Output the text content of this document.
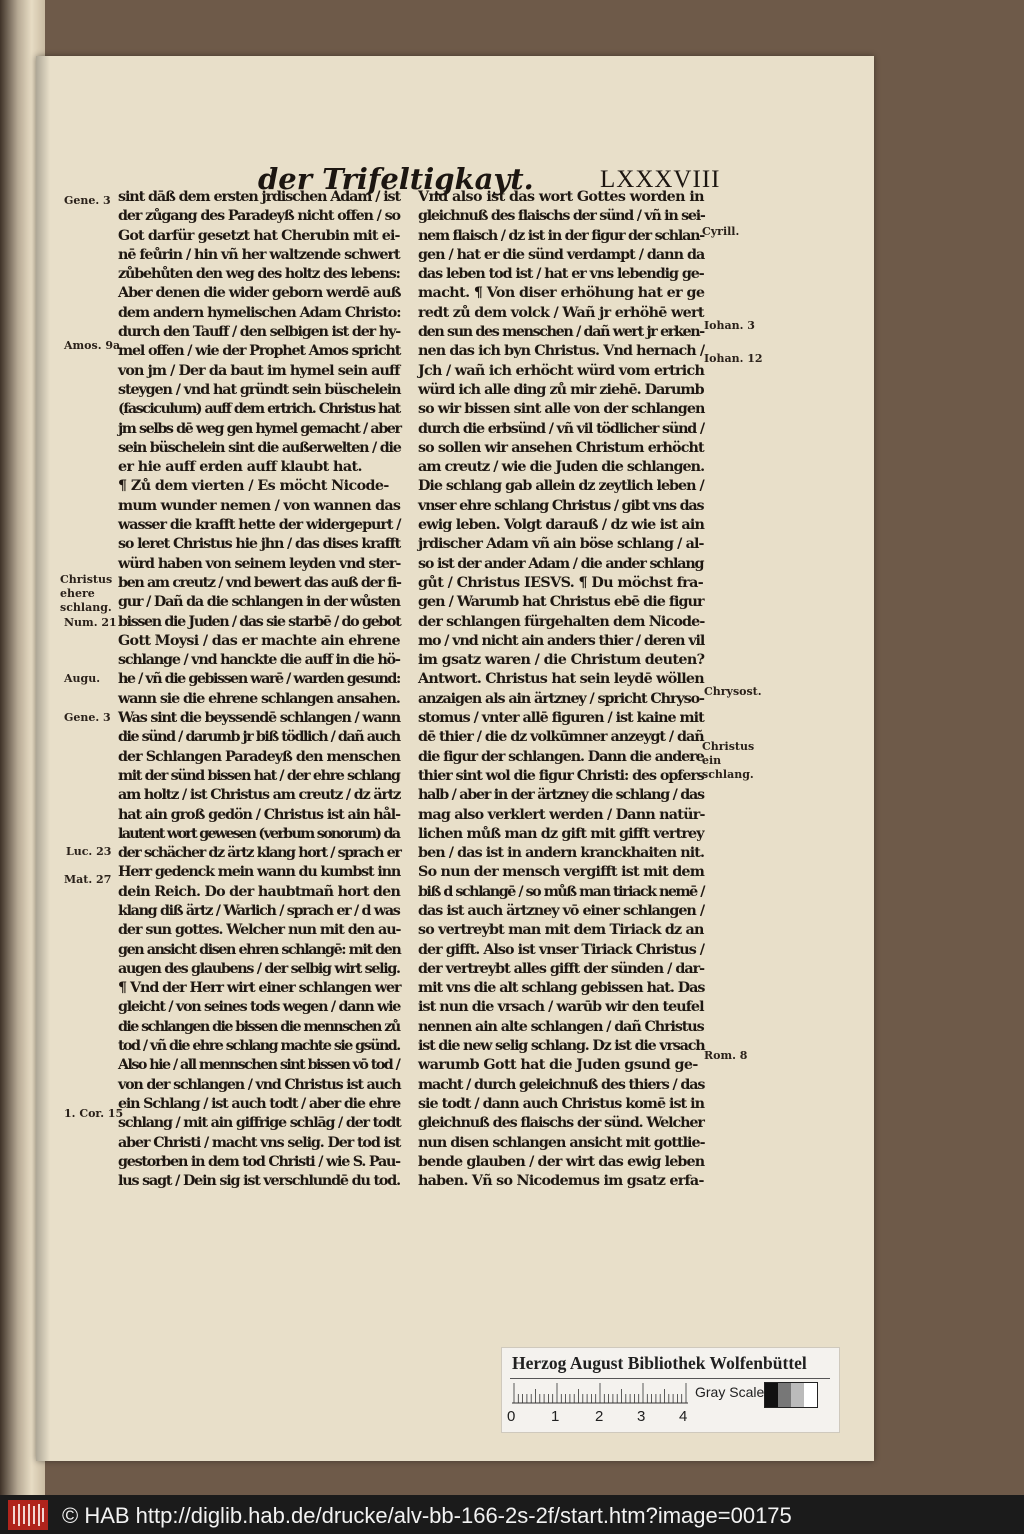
der Trifeltigkayt.	LXXXVIII
sint dāß dem ersten jrdischen Adam / ist
der zůgang des Paradeyß nicht offen / so
Got darfür gesetzt hat Cherubin mit ei-
nē feůrin / hin vñ her waltzende schwert
zůbehůten den weg des holtz des lebens:
Aber denen die wider geborn werdē auß
dem andern hymelischen Adam Christo:
durch den Tauff / den selbigen ist der hy-
mel offen / wie der Prophet Amos spricht
von jm / Der da baut im hymel sein auff
steygen / vnd hat gründt sein büschelein
(fasciculum) auff dem ertrich. Christus hat
jm selbs dē weg gen hymel gemacht / aber
sein büschelein sint die außerwelten / die
er hie auff erden auff klaubt hat.
¶ Zů dem vierten / Es möcht Nicode-
mum wunder nemen / von wannen das
wasser die krafft hette der widergepurt /
so leret Christus hie jhn / das dises krafft
würd haben von seinem leyden vnd ster-
ben am creutz / vnd bewert das auß der fi-
gur / Dañ da die schlangen in der wůsten
bissen die Juden / das sie starbē / do gebot
Gott Moysi / das er machte ain ehrene
schlange / vnd hanckte die auff in die hö-
he / vñ die gebissen warē / warden gesund:
wann sie die ehrene schlangen ansahen.
Was sint die beyssendē schlangen / wann
die sünd / darumb jr biß tödlich / dañ auch
der Schlangen Paradeyß den menschen
mit der sünd bissen hat / der ehre schlang
am holtz / ist Christus am creutz / dz ärtz
hat ain groß gedön / Christus ist ain hål-
lautent wort gewesen (verbum sonorum) da
der schächer dz ärtz klang hort / sprach er
Herr gedenck mein wann du kumbst inn
dein Reich. Do der haubtmañ hort den
klang diß ärtz / Warlich / sprach er / d was
der sun gottes. Welcher nun mit den au-
gen ansicht disen ehren schlangē: mit den
augen des glaubens / der selbig wirt selig.
¶ Vnd der Herr wirt einer schlangen wer
gleicht / von seines tods wegen / dann wie
die schlangen die bissen die mennschen zů
tod / vñ die ehre schlang machte sie gsünd.
Also hie / all mennschen sint bissen vō tod /
von der schlangen / vnd Christus ist auch
ein Schlang / ist auch todt / aber die ehre
schlang / mit ain giffrige schlāg / der todt
aber Christi / macht vns selig. Der tod ist
gestorben in dem tod Christi / wie S. Pau-
lus sagt / Dein sig ist verschlundē du tod.
Vnd also ist das wort Gottes worden in
gleichnuß des flaischs der sünd / vñ in sei-
nem flaisch / dz ist in der figur der schlan-
gen / hat er die sünd verdampt / dann da
das leben tod ist / hat er vns lebendig ge-
macht. ¶ Von diser erhöhung hat er ge
redt zů dem volck / Wañ jr erhöhē wert
den sun des menschen / dañ wert jr erken-
nen das ich byn Christus. Vnd hernach /
Jch / wañ ich erhöcht würd vom ertrich
würd ich alle ding zů mir ziehē. Darumb
so wir bissen sint alle von der schlangen
durch die erbsünd / vñ vil tödlicher sünd /
so sollen wir ansehen Christum erhöcht
am creutz / wie die Juden die schlangen.
Die schlang gab allein dz zeytlich leben /
vnser ehre schlang Christus / gibt vns das
ewig leben. Volgt darauß / dz wie ist ain
jrdischer Adam vñ ain böse schlang / al-
so ist der ander Adam / die ander schlang
gůt / Christus IESVS. ¶ Du möchst fra-
gen / Warumb hat Christus ebē die figur
der schlangen fürgehalten dem Nicode-
mo / vnd nicht ain anders thier / deren vil
im gsatz waren / die Christum deuten?
Antwort. Christus hat sein leydē wöllen
anzaigen als ain ärtzney / spricht Chryso-
stomus / vnter allē figuren / ist kaine mit
dē thier / die dz volkūmner anzeygt / dañ
die figur der schlangen. Dann die andere
thier sint wol die figur Christi: des opfers
halb / aber in der ärtzney die schlang / das
mag also verklert werden / Dann natür-
lichen můß man dz gift mit gifft vertrey
ben / das ist in andern kranckhaiten nit.
So nun der mensch vergifft ist mit dem
biß d schlangē / so můß man tiriack nemē /
das ist auch ärtzney vō einer schlangen /
so vertreybt man mit dem Tiriack dz an
der gifft. Also ist vnser Tiriack Christus /
der vertreybt alles gifft der sünden / dar-
mit vns die alt schlang gebissen hat. Das
ist nun die vrsach / warūb wir den teufel
nennen ain alte schlangen / dañ Christus
ist die new selig schlang. Dz ist die vrsach
warumb Gott hat die Juden gsund ge-
macht / durch geleichnuß des thiers / das
sie todt / dann auch Christus komē ist in
gleichnuß des flaischs der sünd. Welcher
nun disen schlangen ansicht mit gottlie-
bende glauben / der wirt das ewig leben
haben. Vñ so Nicodemus im gsatz erfa-
Gene. 3
Amos. 9a
Christus ehere schlang.
Num. 21
Augu.
Gene. 3
Luc. 23
Mat. 27
1. Cor. 15
Cyrill.
Iohan. 3
Iohan. 12
Chrysost.
Christus ein schlang.
Rom. 8
Herzog August Bibliothek Wolfenbüttel
0 1 2 3 4
Gray Scale
© HAB http://diglib.hab.de/drucke/alv-bb-166-2s-2f/start.htm?image=00175
